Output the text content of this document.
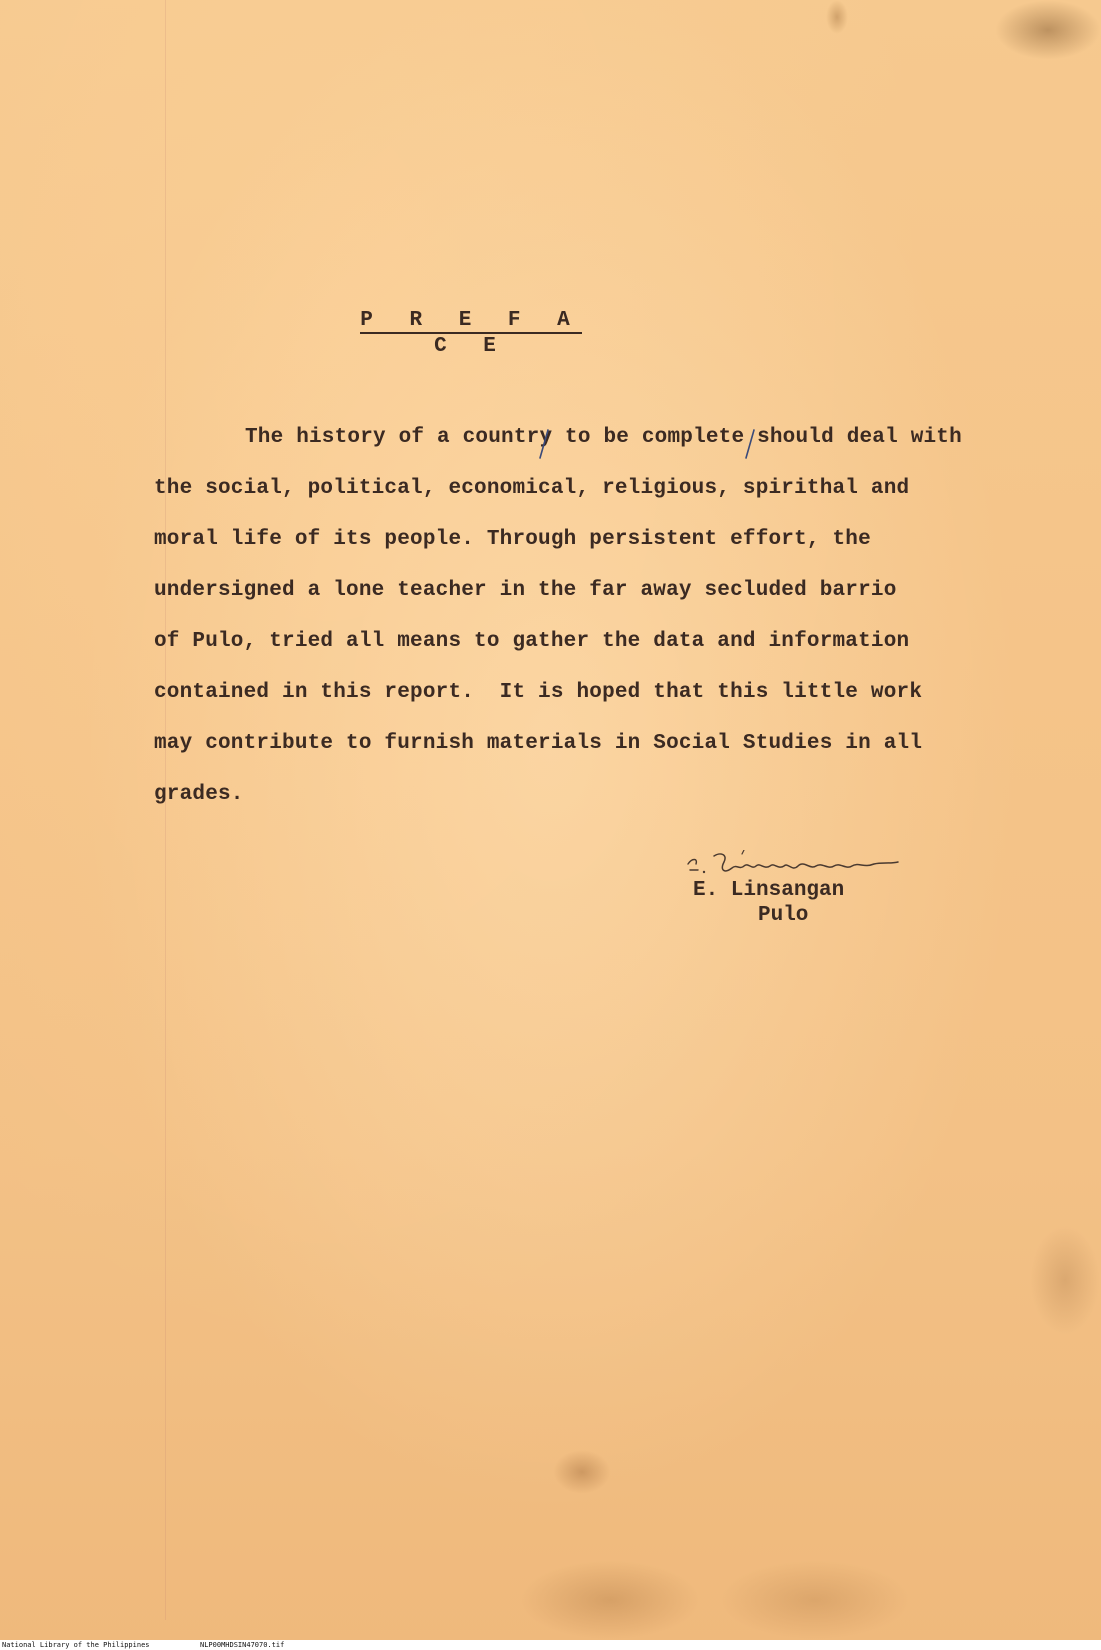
P R E F A C E
The history of a country to be complete should deal with
the social, political, economical, religious, spirithal and
moral life of its people. Through persistent effort, the
undersigned a lone teacher in the far away secluded barrio
of Pulo, tried all means to gather the data and information
contained in this report.  It is hoped that this little work
may contribute to furnish materials in Social Studies in all
grades.
E. Linsangan
Pulo
National Library of the Philippines	NLP00MHDSIN47070.tif
